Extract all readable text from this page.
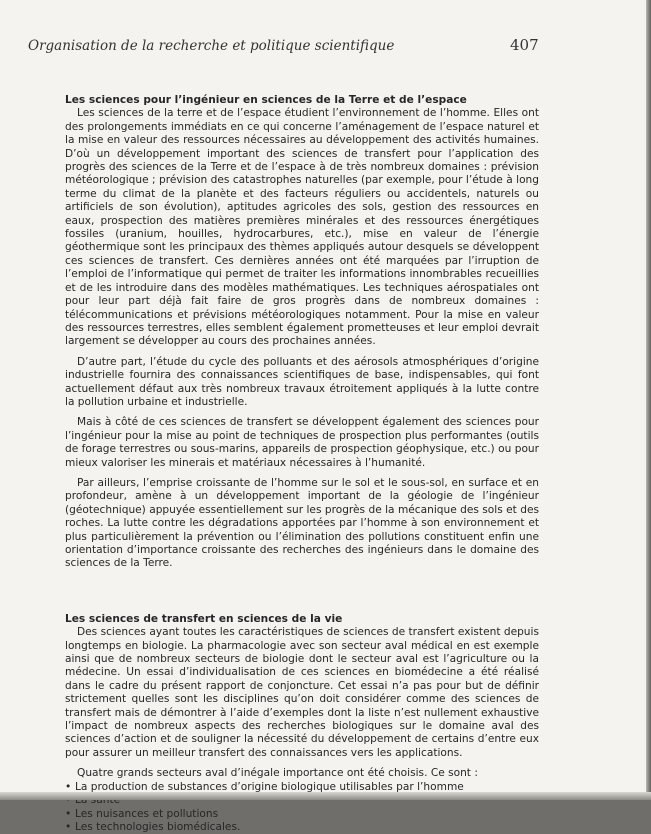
Organisation de la recherche et politique scientifique	407
Les sciences pour l’ingénieur en sciences de la Terre et de l’espace

Les sciences de la terre et de l’espace étudient l’environnement de l’homme. Elles ont des prolongements immédiats en ce qui concerne l’aménagement de l’espace naturel et la mise en valeur des ressources nécessaires au développement des activités humaines. D’où un développement important des sciences de transfert pour l’application des progrès des sciences de la Terre et de l’espace à de très nombreux domaines : prévision météorologique ; prévision des catastrophes naturelles (par exemple, pour l’étude à long terme du climat de la planète et des facteurs réguliers ou accidentels, naturels ou artificiels de son évolution), aptitudes agricoles des sols, gestion des ressources en eaux, prospection des matières premières minérales et des ressources énergétiques fossiles (uranium, houilles, hydrocarbures, etc.), mise en valeur de l’énergie géothermique sont les principaux des thèmes appliqués autour desquels se développent ces sciences de transfert. Ces dernières années ont été marquées par l’irruption de l’emploi de l’informatique qui permet de traiter les informations innombrables recueillies et de les introduire dans des modèles mathématiques. Les techniques aérospatiales ont pour leur part déjà fait faire de gros progrès dans de nombreux domaines : télécommunications et prévisions météorologiques notamment. Pour la mise en valeur des ressources terrestres, elles semblent également prometteuses et leur emploi devrait largement se développer au cours des prochaines années.

D’autre part, l’étude du cycle des polluants et des aérosols atmosphériques d’origine industrielle fournira des connaissances scientifiques de base, indispensables, qui font actuellement défaut aux très nombreux travaux étroitement appliqués à la lutte contre la pollution urbaine et industrielle.

Mais à côté de ces sciences de transfert se développent également des sciences pour l’ingénieur pour la mise au point de techniques de prospection plus performantes (outils de forage terrestres ou sous-marins, appareils de prospection géophysique, etc.) ou pour mieux valoriser les minerais et matériaux nécessaires à l’humanité.

Par ailleurs, l’emprise croissante de l’homme sur le sol et le sous-sol, en surface et en profondeur, amène à un développement important de la géologie de l’ingénieur (géotechnique) appuyée essentiellement sur les progrès de la mécanique des sols et des roches. La lutte contre les dégradations apportées par l’homme à son environnement et plus particulièrement la prévention ou l’élimination des pollutions constituent enfin une orientation d’importance croissante des recherches des ingénieurs dans le domaine des sciences de la Terre.

Les sciences de transfert en sciences de la vie

Des sciences ayant toutes les caractéristiques de sciences de transfert existent depuis longtemps en biologie. La pharmacologie avec son secteur aval médical en est exemple ainsi que de nombreux secteurs de biologie dont le secteur aval est l’agriculture ou la médecine. Un essai d’individualisation de ces sciences en biomédecine a été réalisé dans le cadre du présent rapport de conjoncture. Cet essai n’a pas pour but de définir strictement quelles sont les disciplines qu’on doit considérer comme des sciences de transfert mais de démontrer à l’aide d’exemples dont la liste n’est nullement exhaustive l’impact de nombreux aspects des recherches biologiques sur le domaine aval des sciences d’action et de souligner la nécessité du développement de certains d’entre eux pour assurer un meilleur transfert des connaissances vers les applications.

Quatre grands secteurs aval d’inégale importance ont été choisis. Ce sont :

• La production de substances d’origine biologique utilisables par l’homme
• La santé
• Les nuisances et pollutions
